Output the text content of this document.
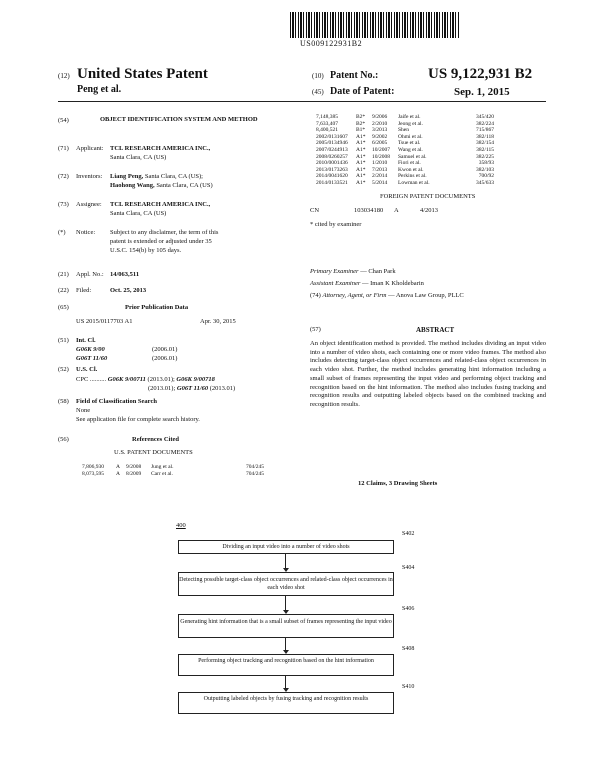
US009122931B2
(12) United States Patent
Peng et al.
(10) Patent No.:	US 9,122,931 B2
(45) Date of Patent:	Sep. 1, 2015
(54)	OBJECT IDENTIFICATION SYSTEM AND METHOD
(71) Applicant: TCL RESEARCH AMERICA INC.,
Santa Clara, CA (US)
(72) Inventors: Liang Peng, Santa Clara, CA (US);
Haohong Wang, Santa Clara, CA (US)
(73) Assignee: TCL RESEARCH AMERICA INC.,
Santa Clara, CA (US)
(*) Notice: Subject to any disclaimer, the term of this
patent is extended or adjusted under 35
U.S.C. 154(b) by 105 days.
(21) Appl. No.: 14/063,511
(22) Filed:	Oct. 25, 2013
(65)	Prior Publication Data
US 2015/0117703 A1	Apr. 30, 2015
(51) Int. Cl.
G06K 9/00	(2006.01)
G06T 11/60	(2006.01)
(52) U.S. Cl.
CPC .......... G06K 9/00711 (2013.01); G06K 9/00718
(2013.01); G06T 11/60 (2013.01)
(58) Field of Classification Search
None
See application file for complete search history.
(56)	References Cited
U.S. PATENT DOCUMENTS
7,806,930	A	9/2008	Jung et al.	704/245
8,073,595	A	8/2009	Carr et al.	704/245
7,148,385	B2*	9/2006	Jaife et al.	345/420
7,633,407	B2*	2/2010	Jeong et al.	382/224
8,400,521	B1*	3/2013	Shen	715/867
2002/0131607	A1*	9/2002	Ohmi et al.	382/118
2005/0134946	A1*	6/2005	Tsue et al.	382/154
2007/0244913	A1*	10/2007	Wang et al.	382/115
2008/0260257	A1*	10/2008	Samuel et al.	382/225
2010/0001436	A1*	1/2010	Fiori et al.	358/93
2013/0173263	A1*	7/2013	Kwon et al.	382/103
2014/0041620	A1*	2/2014	Perkins et al.	700/92
2014/0133521	A1*	5/2014	Lowman et al.	345/633
FOREIGN PATENT DOCUMENTS
CN	103034180 A	4/2013
* cited by examiner
Primary Examiner — Chan Park
Assistant Examiner — Iman K Kholdebarin
(74) Attorney, Agent, or Firm — Anova Law Group, PLLC
(57)	ABSTRACT
An object identification method is provided. The method includes dividing an input video into a number of video shots, each containing one or more video frames. The method also includes detecting target-class object occurrences and related-class object occurrences in each video shot. Further, the method includes generating hint information including a small subset of frames representing the input video and performing object tracking and recognition based on the hint information. The method also includes fusing tracking and recognition results and outputting labeled objects based on the combined tracking and recognition results.
12 Claims, 3 Drawing Sheets
400
Dividing an input video into a number of video shots
S402
Detecting possible target-class object occurrences and related-class object occurrences in each video shot
S404
Generating hint information that is a small subset of frames representing the input video
S406
Performing object tracking and recognition based on the hint information
S408
Outputting labeled objects by fusing tracking and recognition results
S410
